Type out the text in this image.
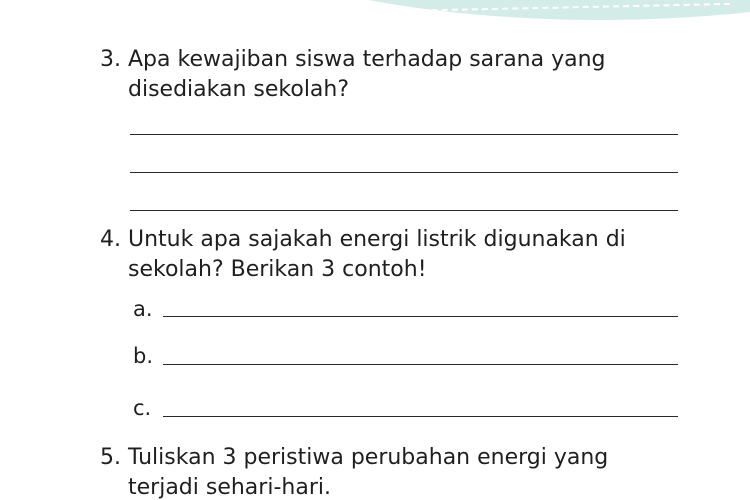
3. Apa kewajiban siswa terhadap sarana yang
disediakan sekolah?
4. Untuk apa sajakah energi listrik digunakan di
sekolah? Berikan 3 contoh!
a.
b.
c.
5. Tuliskan 3 peristiwa perubahan energi yang
terjadi sehari-hari.
